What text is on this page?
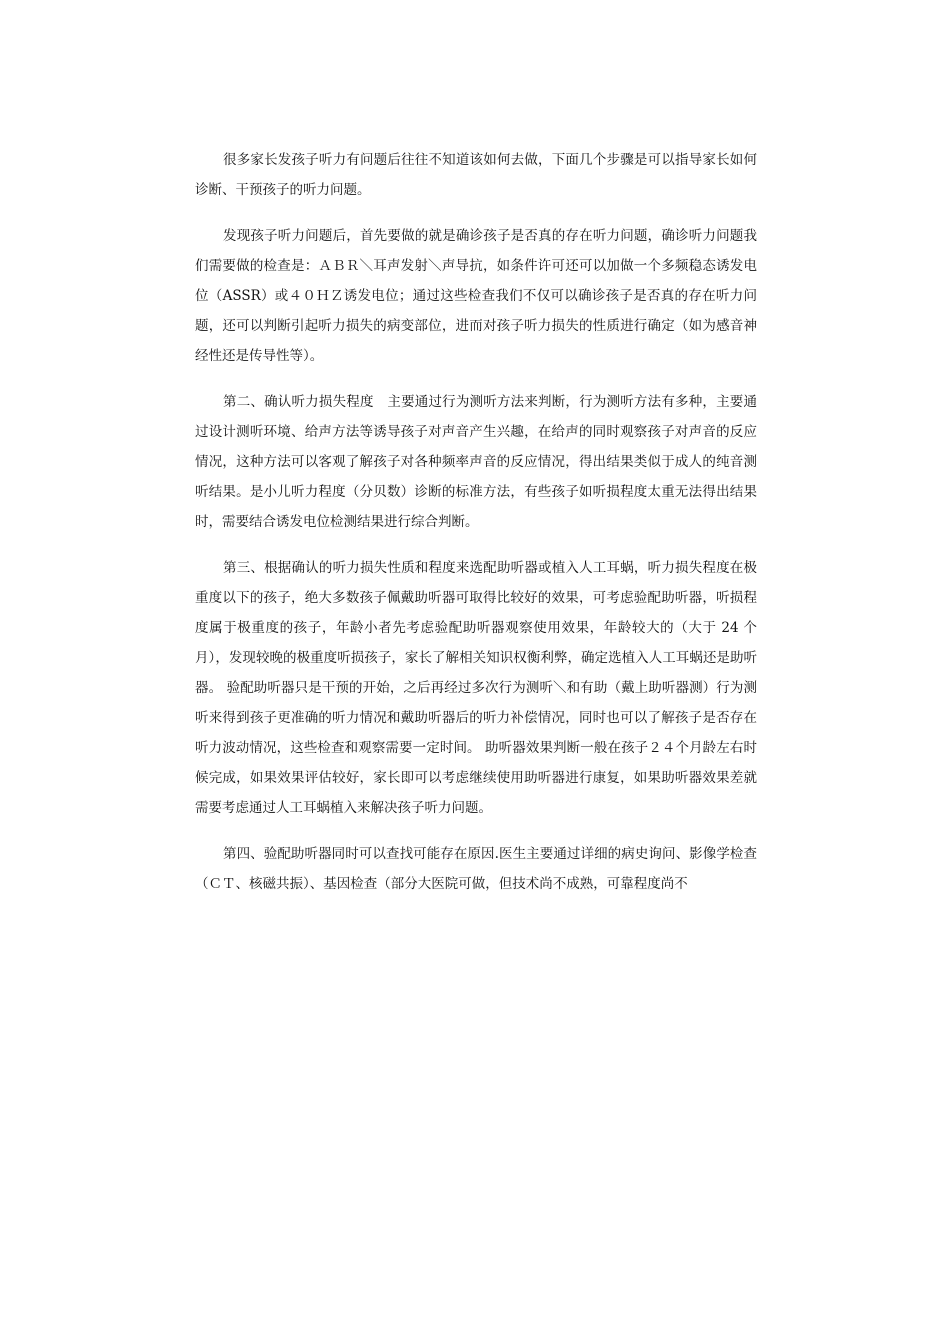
很多家长发孩子听力有问题后往往不知道该如何去做，下面几个步骤是可以指导家长如何诊断、干预孩子的听力问题。

发现孩子听力问题后，首先要做的就是确诊孩子是否真的存在听力问题，确诊听力问题我们需要做的检查是：ＡＢＲ＼耳声发射＼声导抗，如条件许可还可以加做一个多频稳态诱发电位（ASSR）或４０ＨＺ诱发电位；通过这些检查我们不仅可以确诊孩子是否真的存在听力问题，还可以判断引起听力损失的病变部位，进而对孩子听力损失的性质进行确定（如为感音神经性还是传导性等）。

第二、确认听力损失程度　主要通过行为测听方法来判断，行为测听方法有多种，主要通过设计测听环境、给声方法等诱导孩子对声音产生兴趣，在给声的同时观察孩子对声音的反应情况，这种方法可以客观了解孩子对各种频率声音的反应情况，得出结果类似于成人的纯音测听结果。是小儿听力程度（分贝数）诊断的标准方法，有些孩子如听损程度太重无法得出结果时，需要结合诱发电位检测结果进行综合判断。

第三、根据确认的听力损失性质和程度来选配助听器或植入人工耳蜗，听力损失程度在极重度以下的孩子，绝大多数孩子佩戴助听器可取得比较好的效果，可考虑验配助听器，听损程度属于极重度的孩子，年龄小者先考虑验配助听器观察使用效果，年龄较大的（大于 24 个月），发现较晚的极重度听损孩子，家长了解相关知识权衡利弊，确定选植入人工耳蜗还是助听器。 验配助听器只是干预的开始，之后再经过多次行为测听＼和有助（戴上助听器测）行为测听来得到孩子更准确的听力情况和戴助听器后的听力补偿情况，同时也可以了解孩子是否存在听力波动情况，这些检查和观察需要一定时间。 助听器效果判断一般在孩子２４个月龄左右时候完成，如果效果评估较好，家长即可以考虑继续使用助听器进行康复，如果助听器效果差就需要考虑通过人工耳蜗植入来解决孩子听力问题。

第四、验配助听器同时可以查找可能存在原因.医生主要通过详细的病史询问、影像学检查（ＣＴ、核磁共振）、基因检查（部分大医院可做，但技术尚不成熟，可靠程度尚不
